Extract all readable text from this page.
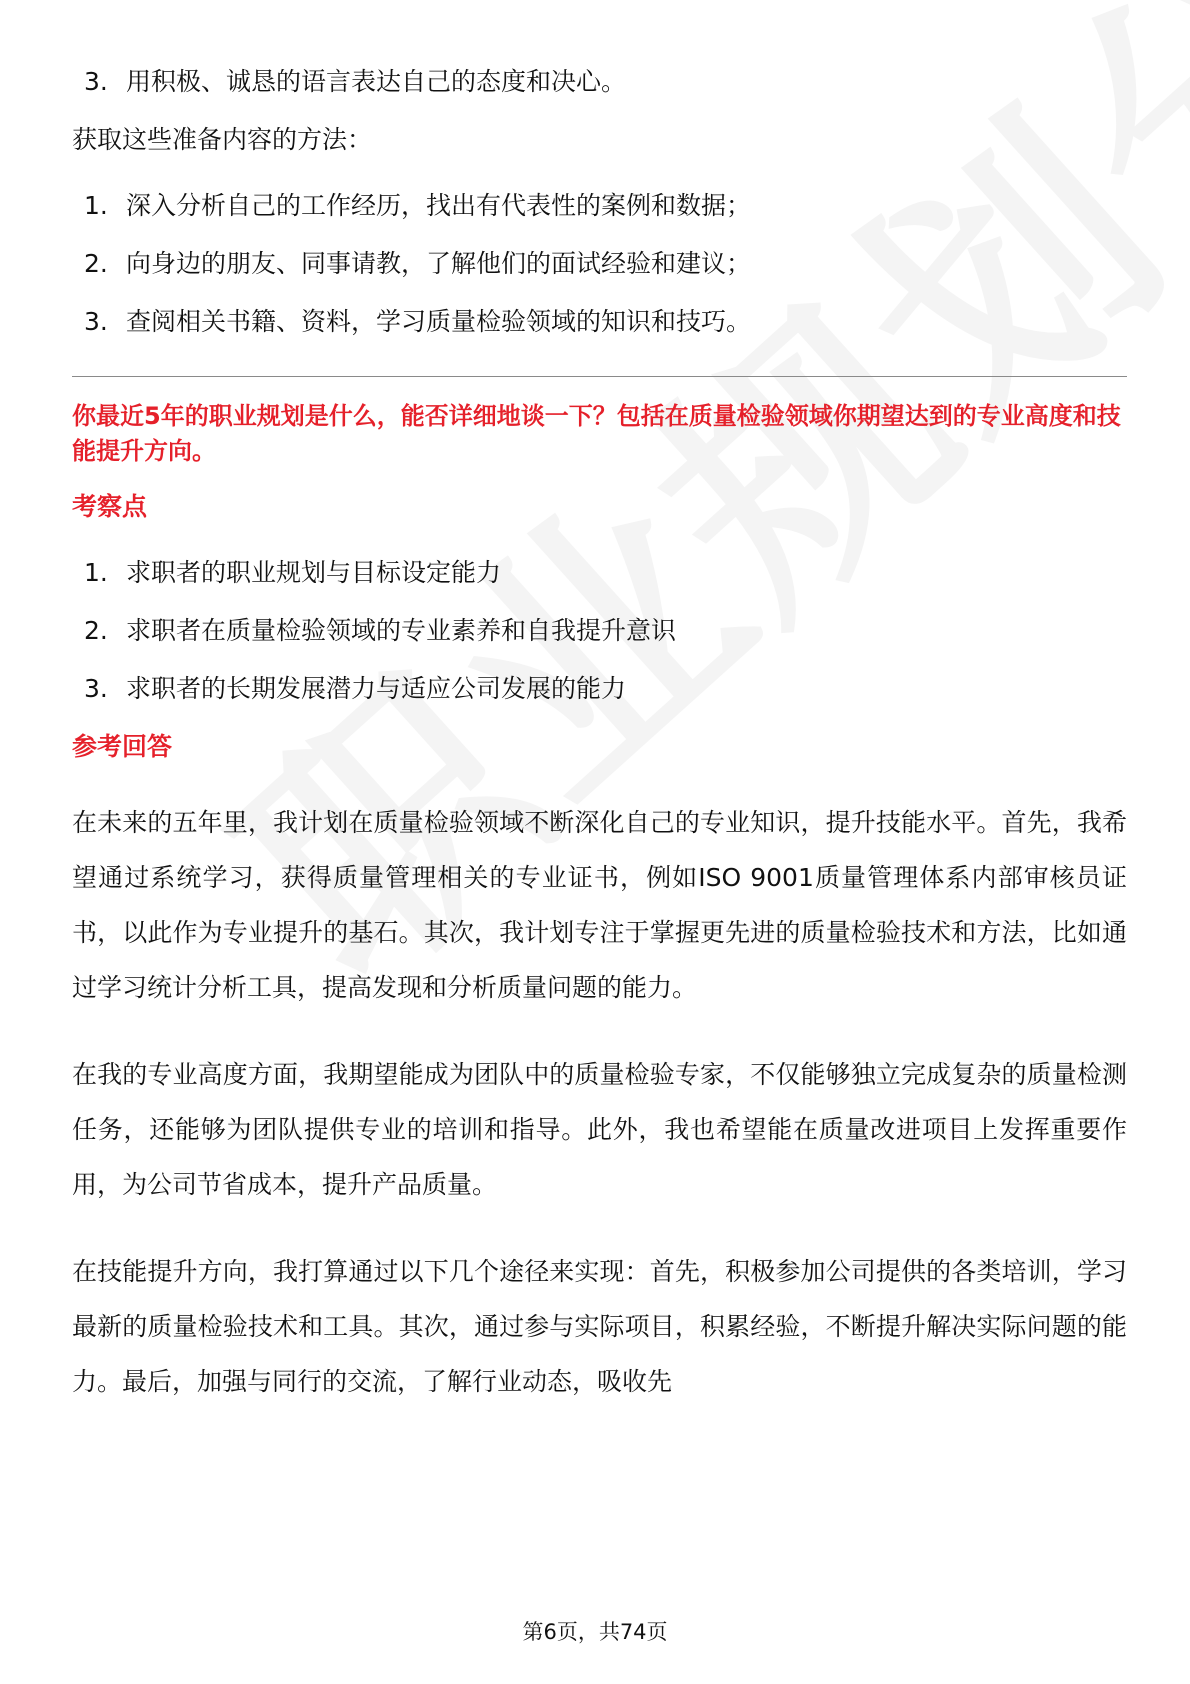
3. 用积极、诚恳的语言表达自己的态度和决心。

获取这些准备内容的方法：

1. 深入分析自己的工作经历，找出有代表性的案例和数据；
2. 向身边的朋友、同事请教，了解他们的面试经验和建议；
3. 查阅相关书籍、资料，学习质量检验领域的知识和技巧。

你最近5年的职业规划是什么，能否详细地谈一下？包括在质量检验领域你期望达到的专业高度和技能提升方向。

考察点
1. 求职者的职业规划与目标设定能力
2. 求职者在质量检验领域的专业素养和自我提升意识
3. 求职者的长期发展潜力与适应公司发展的能力
参考回答

在未来的五年里，我计划在质量检验领域不断深化自己的专业知识，提升技能水平。首先，我希望通过系统学习，获得质量管理相关的专业证书，例如ISO 9001质量管理体系内部审核员证书，以此作为专业提升的基石。其次，我计划专注于掌握更先进的质量检验技术和方法，比如通过学习统计分析工具，提高发现和分析质量问题的能力。

在我的专业高度方面，我期望能成为团队中的质量检验专家，不仅能够独立完成复杂的质量检测任务，还能够为团队提供专业的培训和指导。此外，我也希望能在质量改进项目上发挥重要作用，为公司节省成本，提升产品质量。

在技能提升方向，我打算通过以下几个途径来实现：首先，积极参加公司提供的各类培训，学习最新的质量检验技术和工具。其次，通过参与实际项目，积累经验，不断提升解决实际问题的能力。最后，加强与同行的交流，了解行业动态，吸收先

第6页，共74页
